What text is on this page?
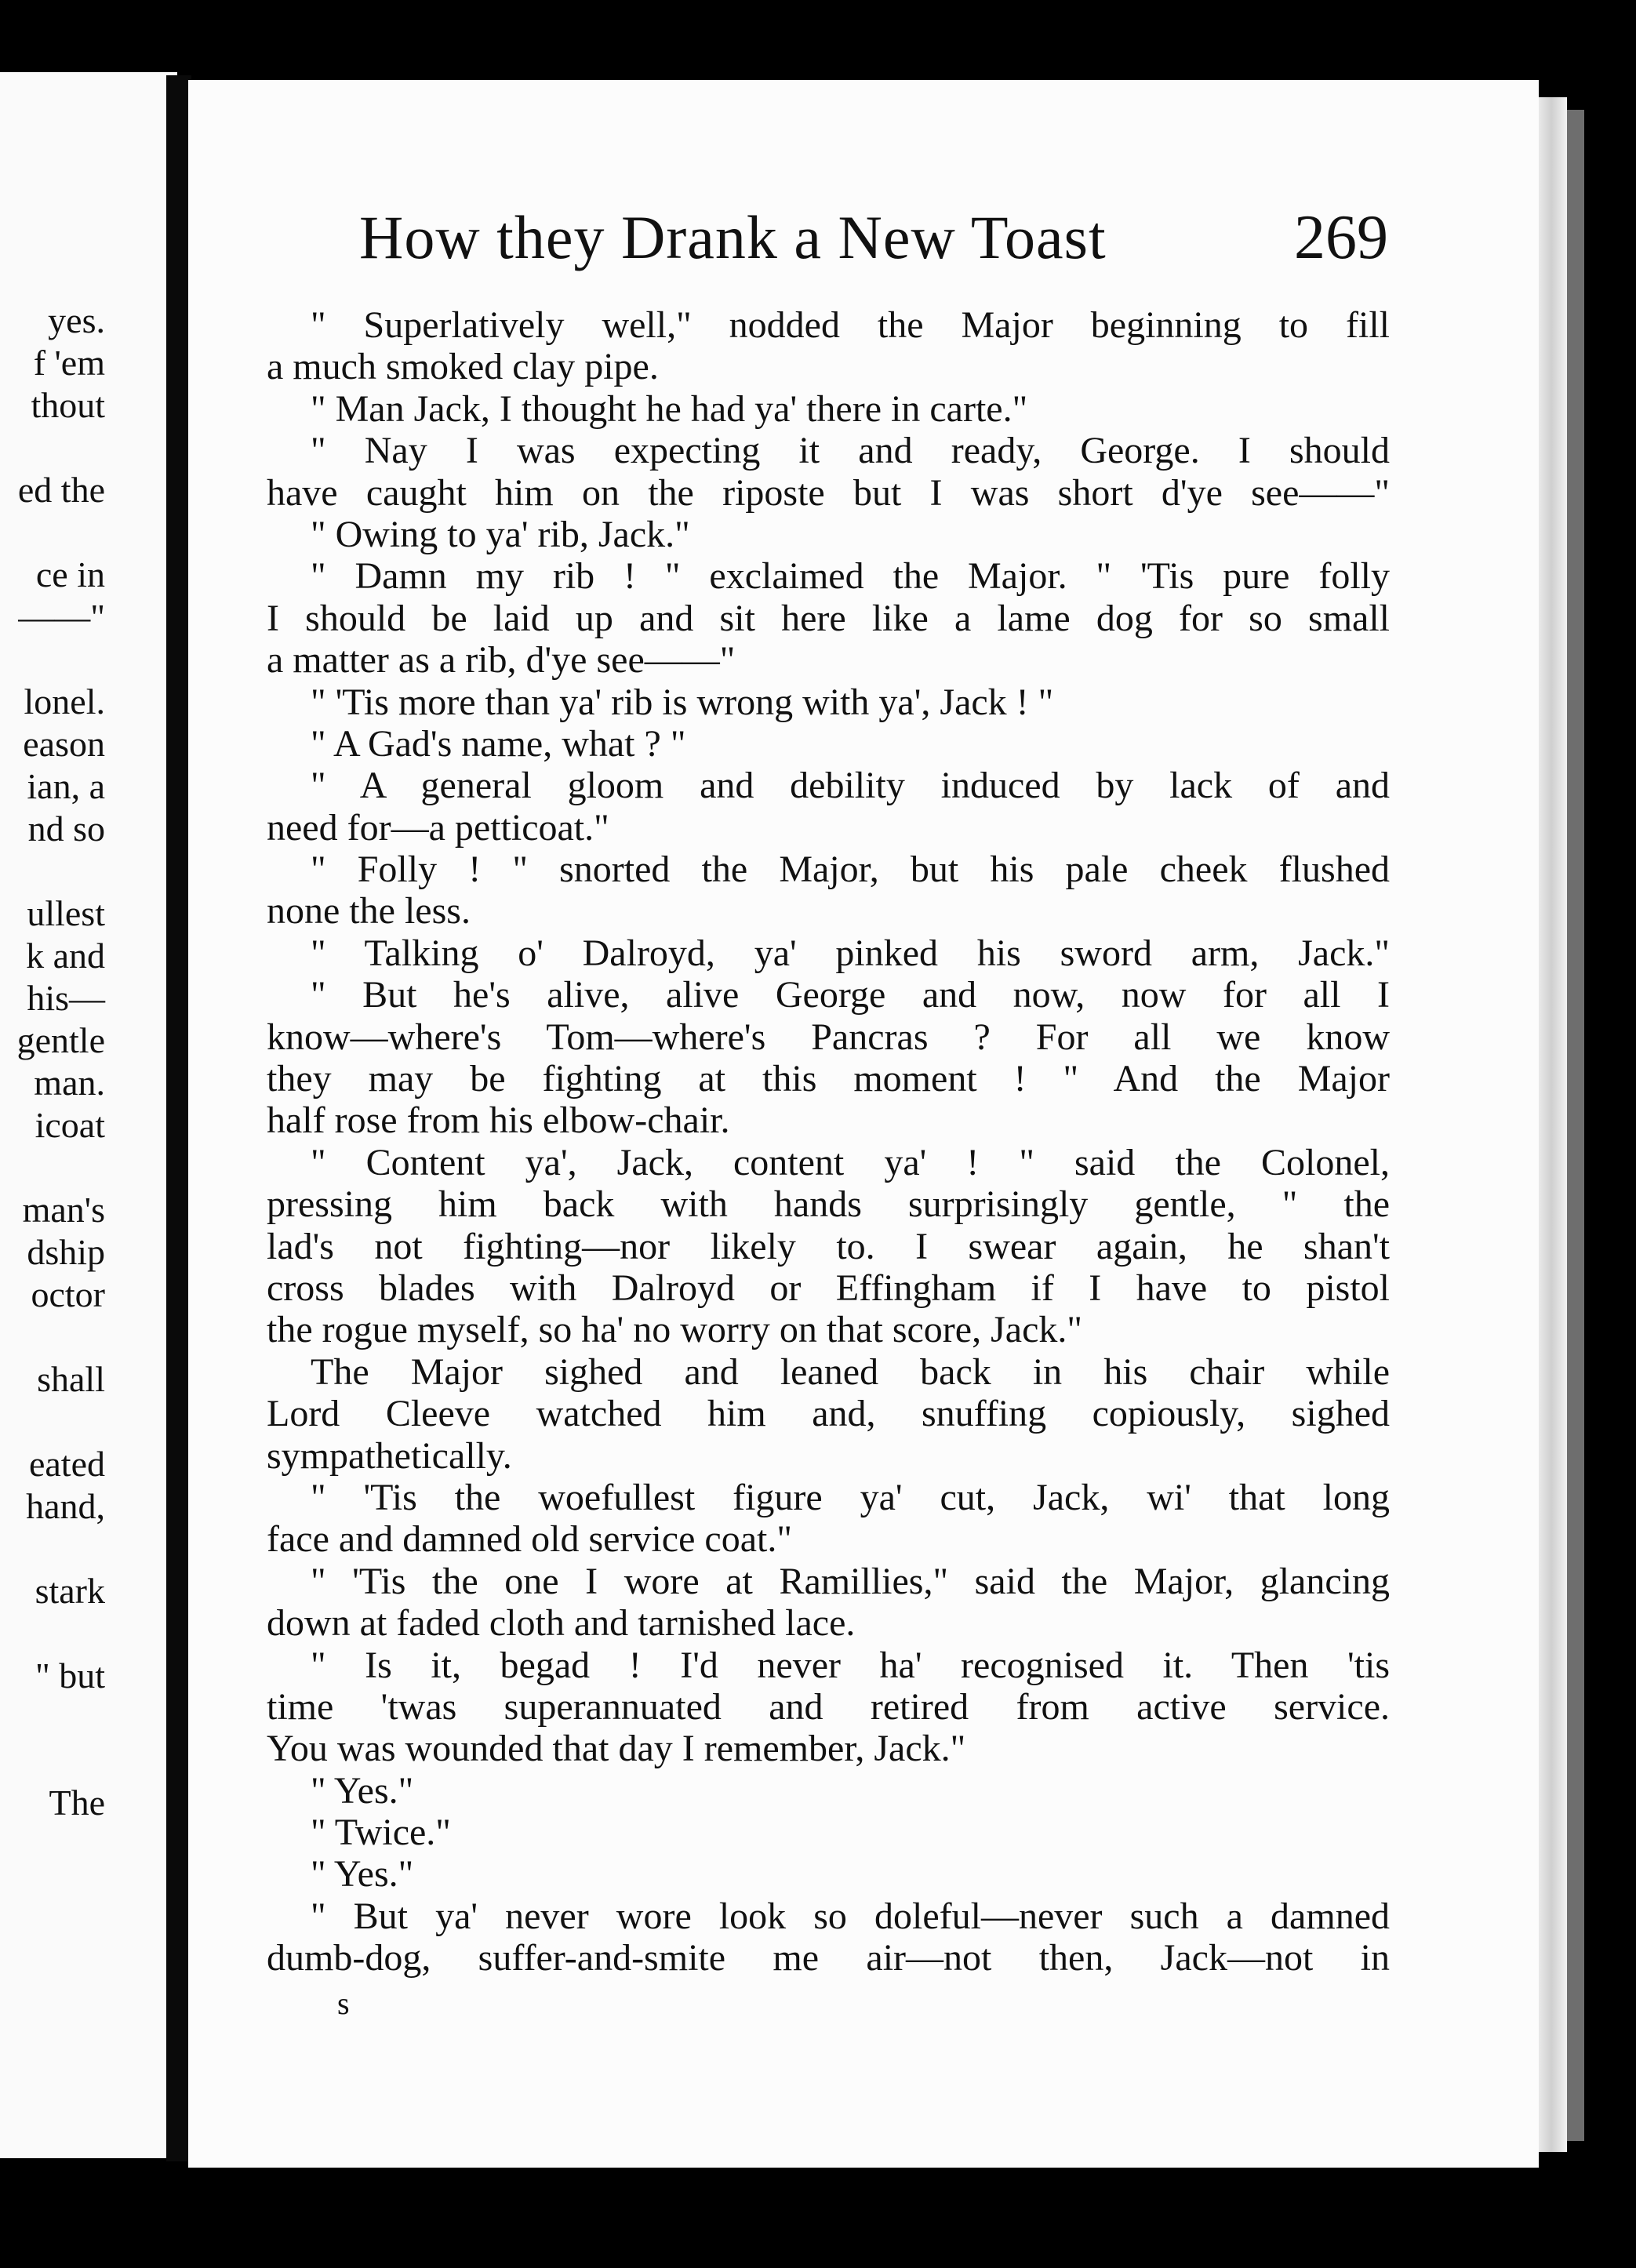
yes.
f 'em
thout
ed the
ce in
——"
lonel.
eason
ian, a
nd so
ullest
k and
his—
gentle
man.
icoat
man's
dship
octor
shall
eated
hand,
stark
" but
The
How they Drank a New Toast	269
" Superlatively well," nodded the Major beginning to fill
a much smoked clay pipe.
" Man Jack, I thought he had ya' there in carte."
" Nay I was expecting it and ready, George. I should
have caught him on the riposte but I was short d'ye see——"
" Owing to ya' rib, Jack."
" Damn my rib ! " exclaimed the Major. " 'Tis pure folly
I should be laid up and sit here like a lame dog for so small
a matter as a rib, d'ye see——"
" 'Tis more than ya' rib is wrong with ya', Jack ! "
" A Gad's name, what ? "
" A general gloom and debility induced by lack of and
need for—a petticoat."
" Folly ! " snorted the Major, but his pale cheek flushed
none the less.
" Talking o' Dalroyd, ya' pinked his sword arm, Jack."
" But he's alive, alive George and now, now for all I
know—where's Tom—where's Pancras ? For all we know
they may be fighting at this moment ! " And the Major
half rose from his elbow-chair.
" Content ya', Jack, content ya' ! " said the Colonel,
pressing him back with hands surprisingly gentle, " the
lad's not fighting—nor likely to. I swear again, he shan't
cross blades with Dalroyd or Effingham if I have to pistol
the rogue myself, so ha' no worry on that score, Jack."
The Major sighed and leaned back in his chair while
Lord Cleeve watched him and, snuffing copiously, sighed
sympathetically.
" 'Tis the woefullest figure ya' cut, Jack, wi' that long
face and damned old service coat."
" 'Tis the one I wore at Ramillies," said the Major, glancing
down at faded cloth and tarnished lace.
" Is it, begad ! I'd never ha' recognised it. Then 'tis
time 'twas superannuated and retired from active service.
You was wounded that day I remember, Jack."
" Yes."
" Twice."
" Yes."
" But ya' never wore look so doleful—never such a damned
dumb-dog, suffer-and-smite me air—not then, Jack—not in
s
